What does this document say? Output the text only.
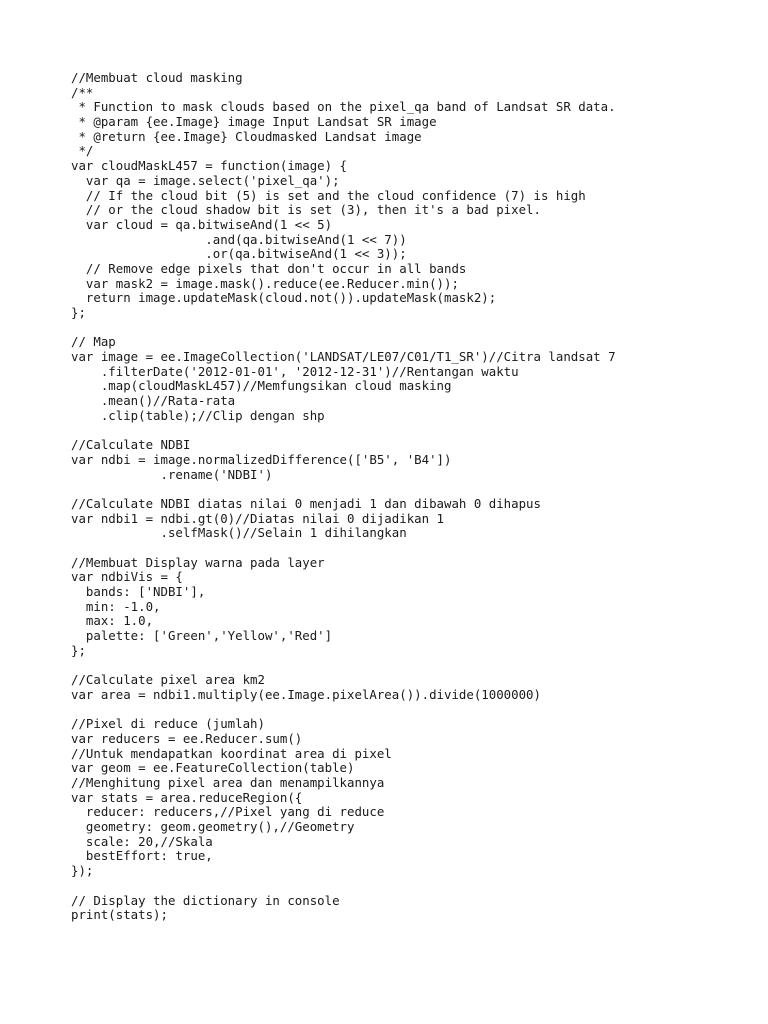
//Membuat cloud masking
/**
* Function to mask clouds based on the pixel_qa band of Landsat SR data.
* @param {ee.Image} image Input Landsat SR image
* @return {ee.Image} Cloudmasked Landsat image
*/
var cloudMaskL457 = function(image) {
var qa = image.select('pixel_qa');
// If the cloud bit (5) is set and the cloud confidence (7) is high
// or the cloud shadow bit is set (3), then it's a bad pixel.
var cloud = qa.bitwiseAnd(1 << 5)
.and(qa.bitwiseAnd(1 << 7))
.or(qa.bitwiseAnd(1 << 3));
// Remove edge pixels that don't occur in all bands
var mask2 = image.mask().reduce(ee.Reducer.min());
return image.updateMask(cloud.not()).updateMask(mask2);
};
// Map
var image = ee.ImageCollection('LANDSAT/LE07/C01/T1_SR')//Citra landsat 7
.filterDate('2012-01-01', '2012-12-31')//Rentangan waktu
.map(cloudMaskL457)//Memfungsikan cloud masking
.mean()//Rata-rata
.clip(table);//Clip dengan shp
//Calculate NDBI
var ndbi = image.normalizedDifference(['B5', 'B4'])
.rename('NDBI')
//Calculate NDBI diatas nilai 0 menjadi 1 dan dibawah 0 dihapus
var ndbi1 = ndbi.gt(0)//Diatas nilai 0 dijadikan 1
.selfMask()//Selain 1 dihilangkan
//Membuat Display warna pada layer
var ndbiVis = {
bands: ['NDBI'],
min: -1.0,
max: 1.0,
palette: ['Green','Yellow','Red']
};
//Calculate pixel area km2
var area = ndbi1.multiply(ee.Image.pixelArea()).divide(1000000)
//Pixel di reduce (jumlah)
var reducers = ee.Reducer.sum()
//Untuk mendapatkan koordinat area di pixel
var geom = ee.FeatureCollection(table)
//Menghitung pixel area dan menampilkannya
var stats = area.reduceRegion({
reducer: reducers,//Pixel yang di reduce
geometry: geom.geometry(),//Geometry
scale: 20,//Skala
bestEffort: true,
});
// Display the dictionary in console
print(stats);
